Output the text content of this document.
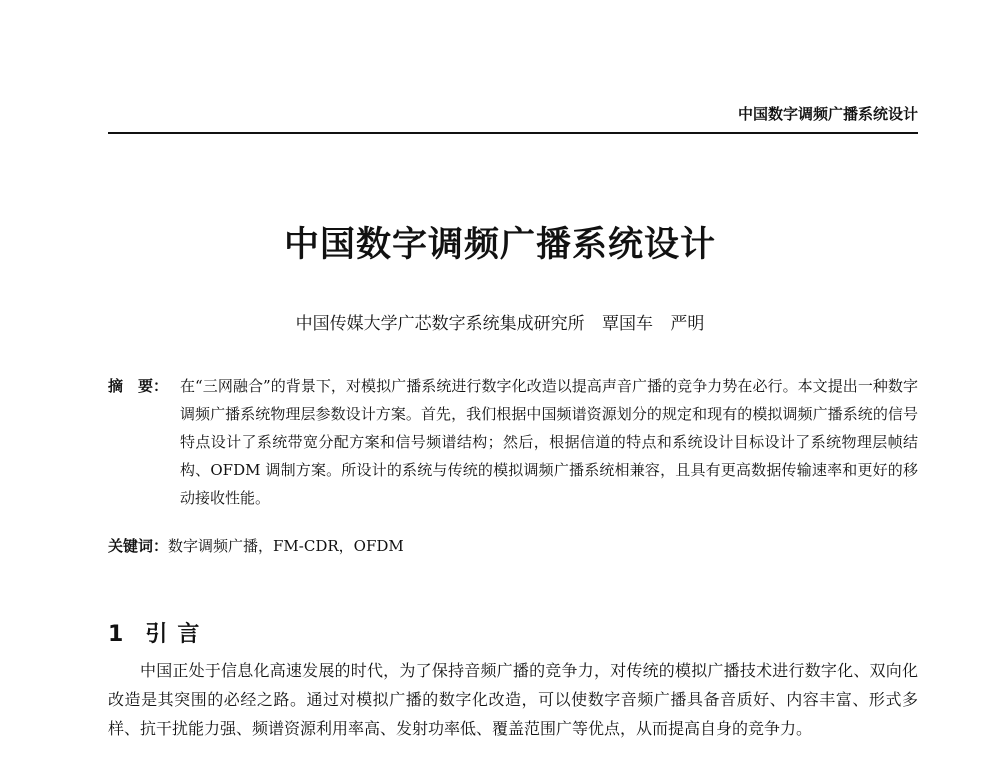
中国数字调频广播系统设计
中国数字调频广播系统设计
中国传媒大学广芯数字系统集成研究所 覃国车 严明
摘　要： 在“三网融合”的背景下，对模拟广播系统进行数字化改造以提高声音广播的竞争力势在必行。本文提出一种数字调频广播系统物理层参数设计方案。首先，我们根据中国频谱资源划分的规定和现有的模拟调频广播系统的信号特点设计了系统带宽分配方案和信号频谱结构；然后，根据信道的特点和系统设计目标设计了系统物理层帧结构、OFDM 调制方案。所设计的系统与传统的模拟调频广播系统相兼容，且具有更高数据传输速率和更好的移动接收性能。
关键词：数字调频广播，FM-CDR，OFDM
1 引言
中国正处于信息化高速发展的时代，为了保持音频广播的竞争力，对传统的模拟广播技术进行数字化、双向化改造是其突围的必经之路。通过对模拟广播的数字化改造，可以使数字音频广播具备音质好、内容丰富、形式多样、抗干扰能力强、频谱资源利用率高、发射功率低、覆盖范围广等优点，从而提高自身的竞争力。
